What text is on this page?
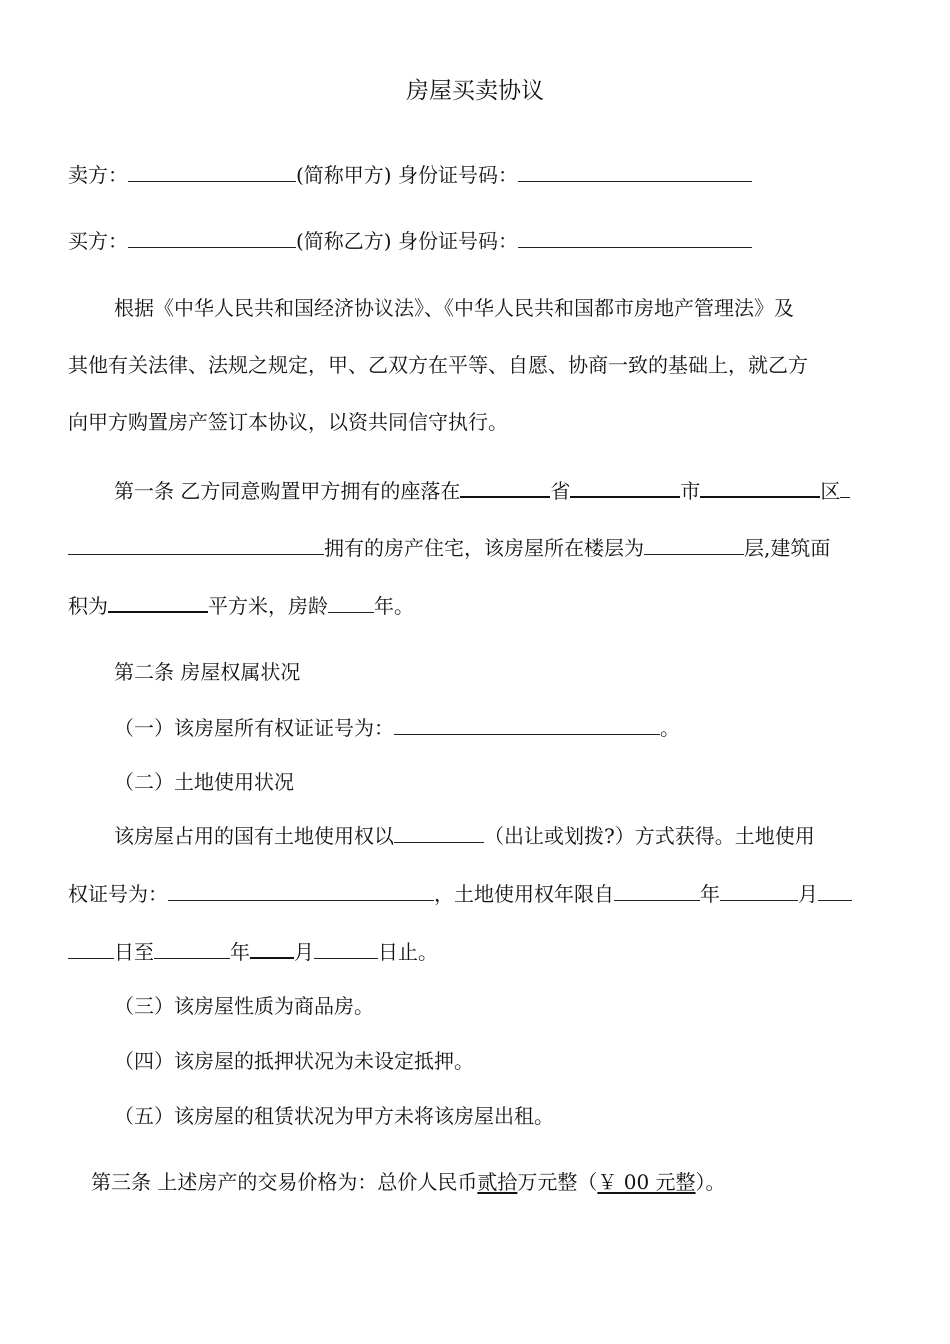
房屋买卖协议
卖方：	(简称甲方) 身份证号码：
买方：	(简称乙方) 身份证号码：
根据《中华人民共和国经济协议法》、《中华人民共和国都市房地产管理法》及
其他有关法律、法规之规定，甲、乙双方在平等、自愿、协商一致的基础上，就乙方
向甲方购置房产签订本协议，以资共同信守执行。
第一条 乙方同意购置甲方拥有的座落在	省	市	区
拥有的房产住宅，该房屋所在楼层为	层,建筑面
积为	平方米，房龄 年。
第二条 房屋权属状况
（一）该房屋所有权证证号为：	。
（二）土地使用状况
该房屋占用的国有土地使用权以	（出让或划拨?）方式获得。土地使用
权证号为：	，土地使用权年限自	年	月
日至	年 月	日止。
（三）该房屋性质为商品房。
（四）该房屋的抵押状况为未设定抵押。
（五）该房屋的租赁状况为甲方未将该房屋出租。
第三条 上述房产的交易价格为：总价人民币贰拾万元整（￥ 00 元整）。
